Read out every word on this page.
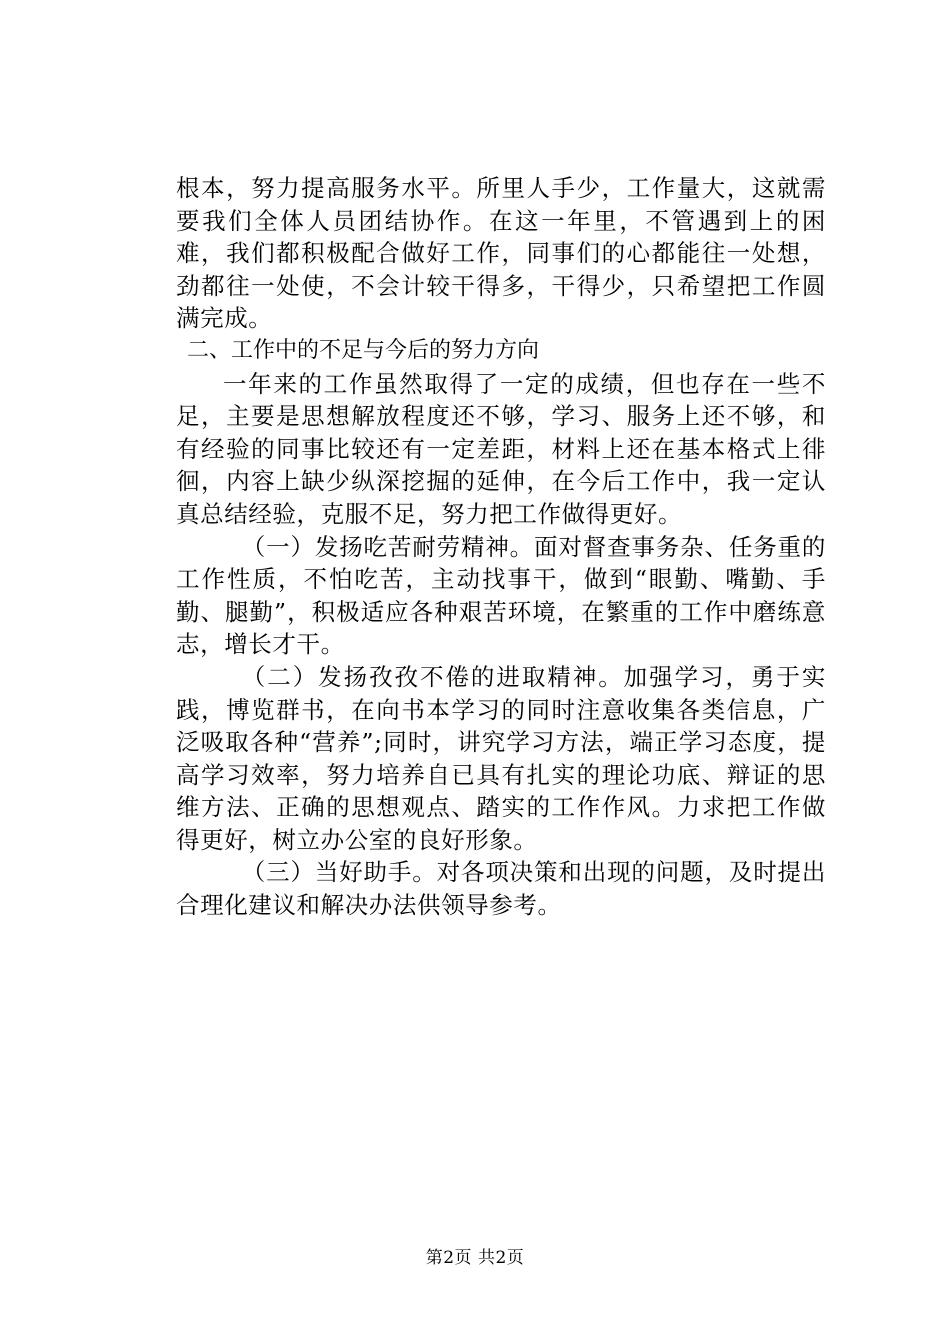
根本，努力提高服务水平。所里人手少，工作量大，这就需要我们全体人员团结协作。在这一年里，不管遇到上的困难，我们都积极配合做好工作，同事们的心都能往一处想，劲都往一处使，不会计较干得多，干得少，只希望把工作圆满完成。

二、工作中的不足与今后的努力方向

一年来的工作虽然取得了一定的成绩，但也存在一些不足，主要是思想解放程度还不够，学习、服务上还不够，和有经验的同事比较还有一定差距，材料上还在基本格式上徘徊，内容上缺少纵深挖掘的延伸，在今后工作中，我一定认真总结经验，克服不足，努力把工作做得更好。

（一）发扬吃苦耐劳精神。面对督查事务杂、任务重的工作性质，不怕吃苦，主动找事干，做到“眼勤、嘴勤、手勤、腿勤”，积极适应各种艰苦环境，在繁重的工作中磨练意志，增长才干。

（二）发扬孜孜不倦的进取精神。加强学习，勇于实践，博览群书，在向书本学习的同时注意收集各类信息，广泛吸取各种“营养”;同时，讲究学习方法，端正学习态度，提高学习效率，努力培养自已具有扎实的理论功底、辩证的思维方法、正确的思想观点、踏实的工作作风。力求把工作做得更好，树立办公室的良好形象。

（三）当好助手。对各项决策和出现的问题，及时提出合理化建议和解决办法供领导参考。

第2页 共2页
